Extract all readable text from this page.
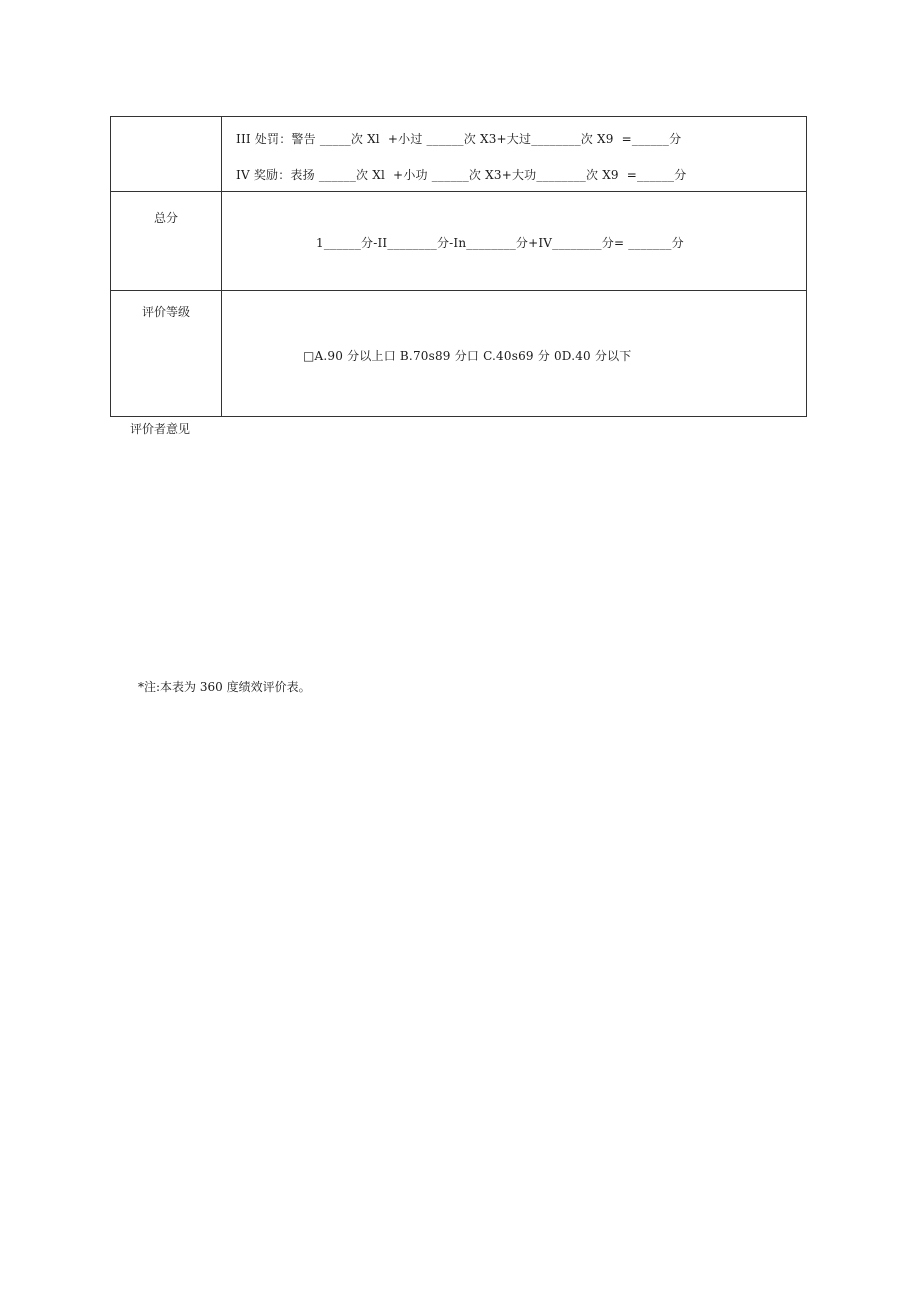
III 处罚：警告 _____次 Xl  +小过 ______次 X3+大过________次 X9  =______分
IV 奖励：表扬 ______次 Xl  +小功 ______次 X3+大功________次 X9  =______分
总分
1______分-II________分-In________分+IV________分= _______分
评价等级
□A.90 分以上口 B.70s89 分口 C.40s69 分 0D.40 分以下
评价者意见
*注:本表为 360 度绩效评价表。
